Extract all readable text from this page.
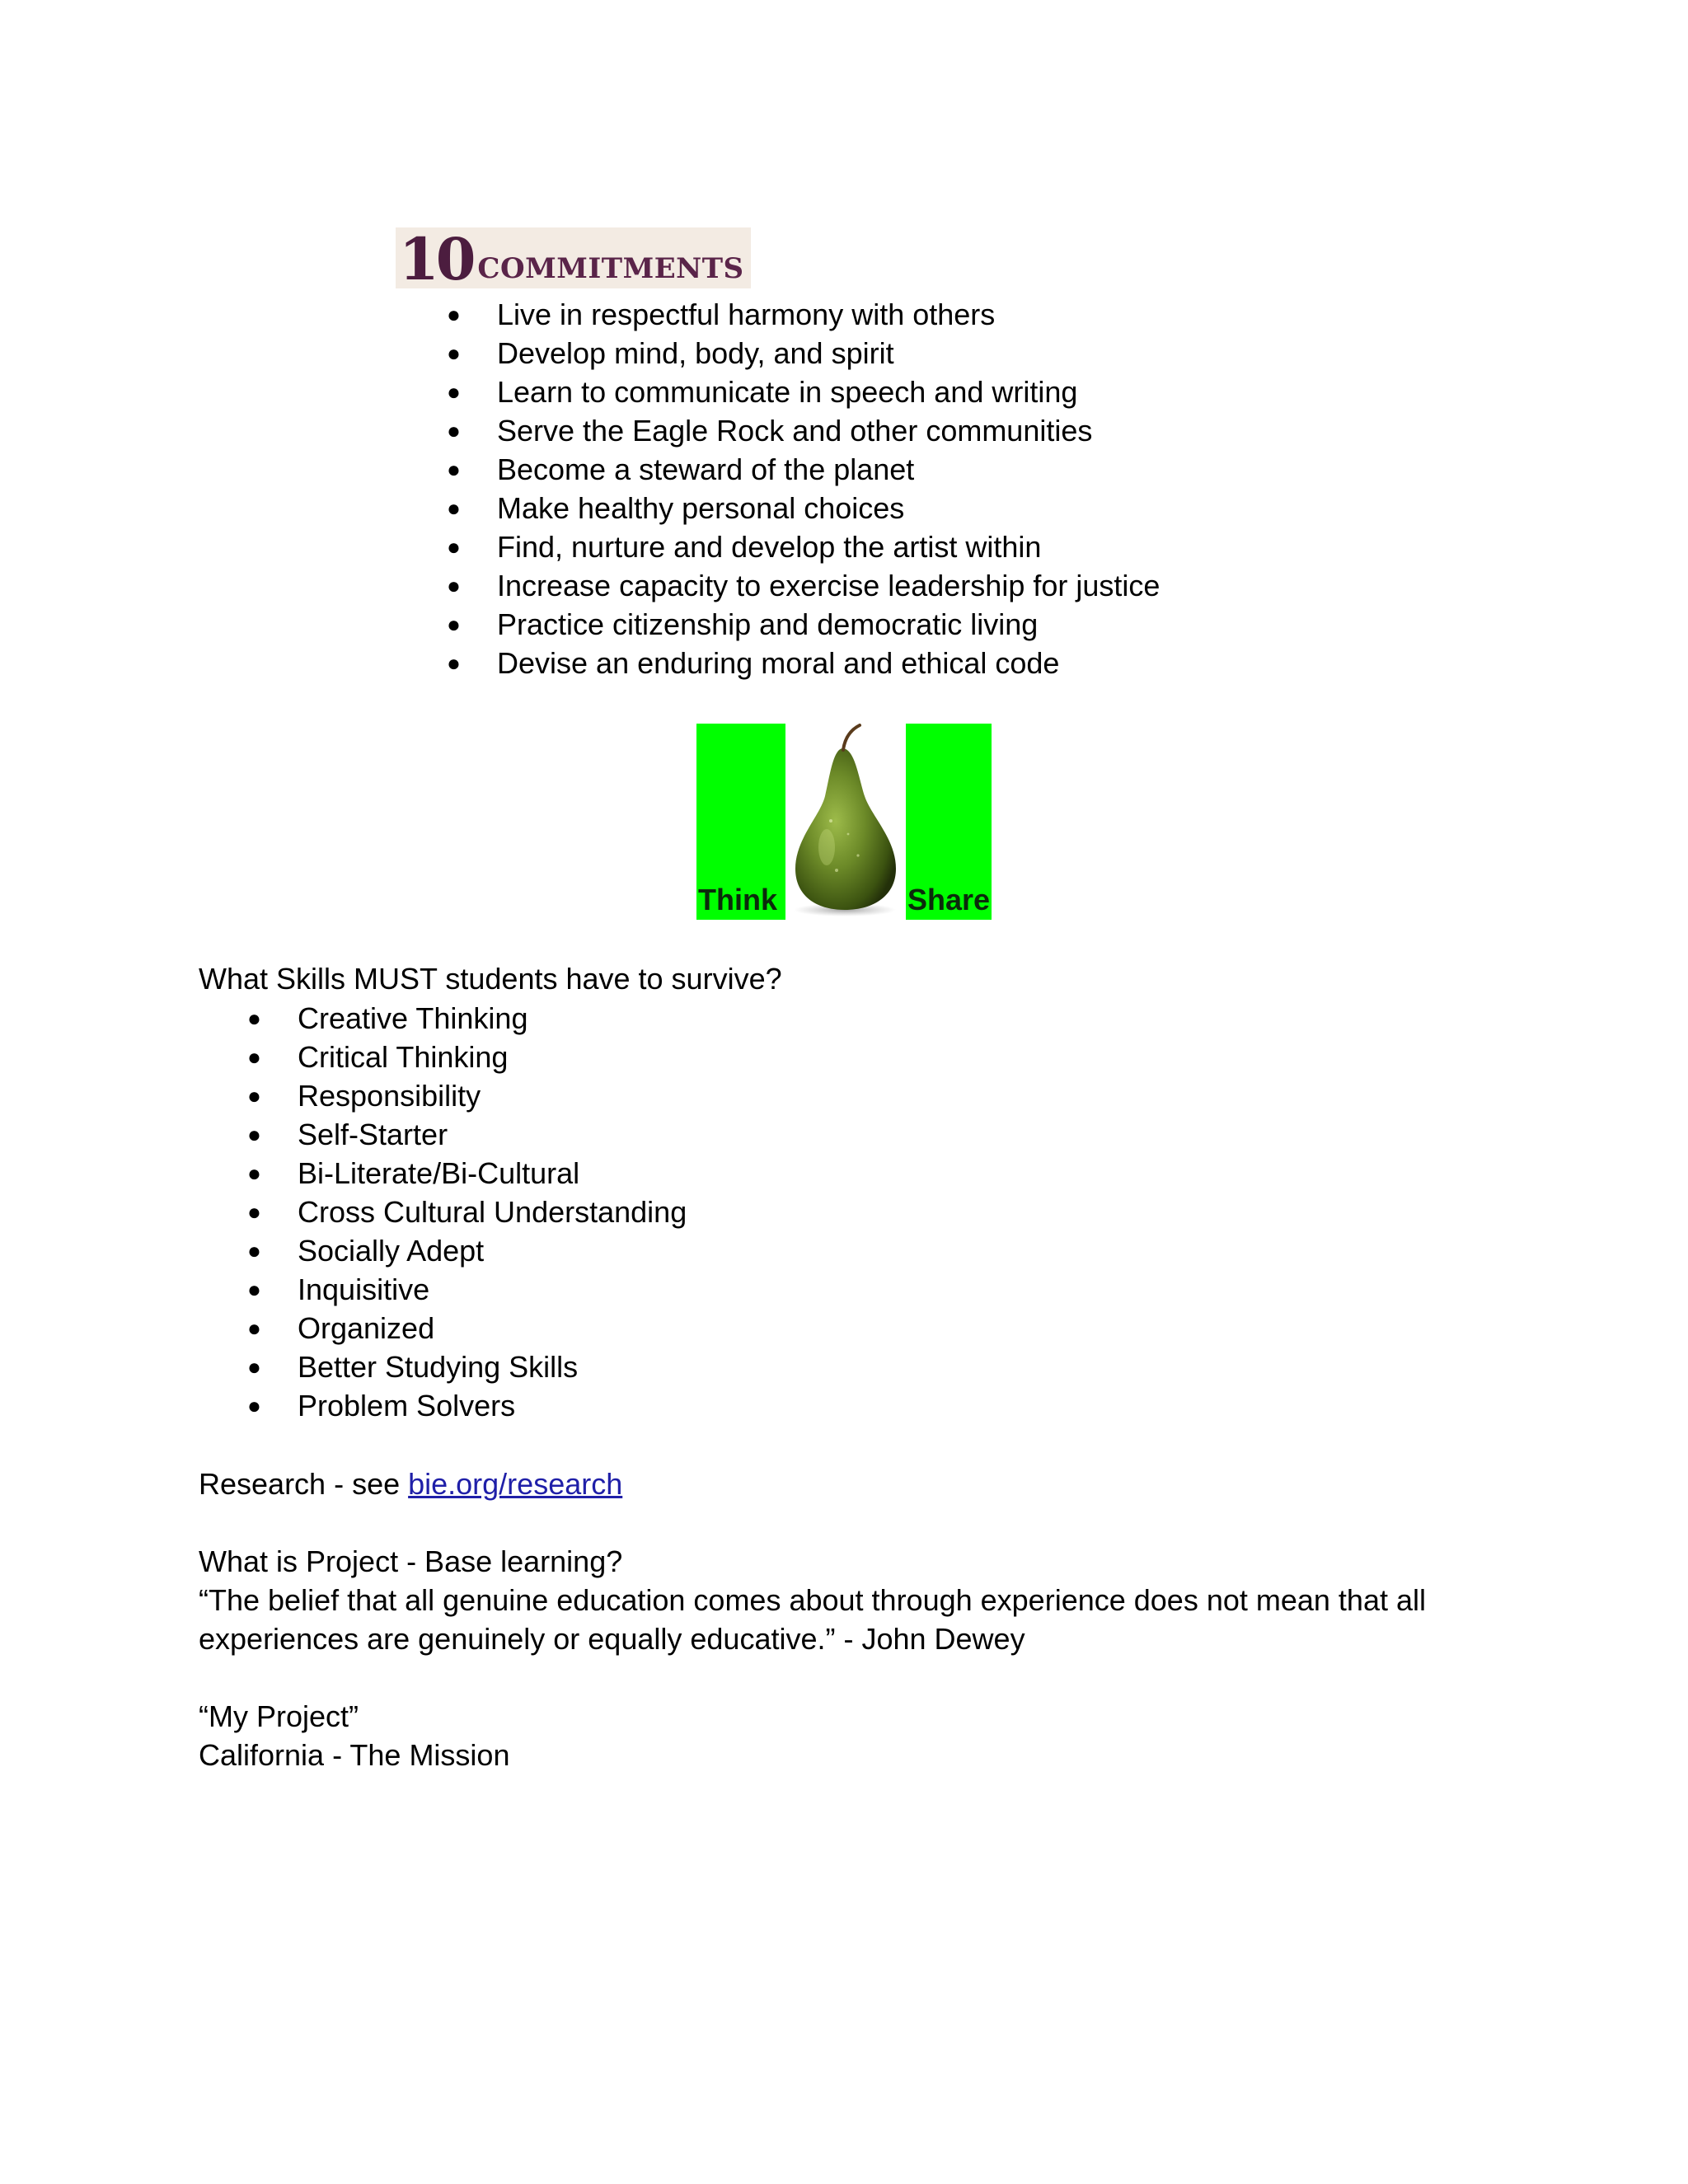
10 COMMITMENTS
● Live in respectful harmony with others
● Develop mind, body, and spirit
● Learn to communicate in speech and writing
● Serve the Eagle Rock and other communities
● Become a steward of the planet
● Make healthy personal choices
● Find, nurture and develop the artist within
● Increase capacity to exercise leadership for justice
● Practice citizenship and democratic living
● Devise an enduring moral and ethical code
Think	Share
What Skills MUST students have to survive?
● Creative Thinking
● Critical Thinking
● Responsibility
● Self-Starter
● Bi-Literate/Bi-Cultural
● Cross Cultural Understanding
● Socially Adept
● Inquisitive
● Organized
● Better Studying Skills
● Problem Solvers
Research - see bie.org/research
What is Project - Base learning?
“The belief that all genuine education comes about through experience does not mean that all
experiences are genuinely or equally educative.” - John Dewey
“My Project”
California - The Mission
